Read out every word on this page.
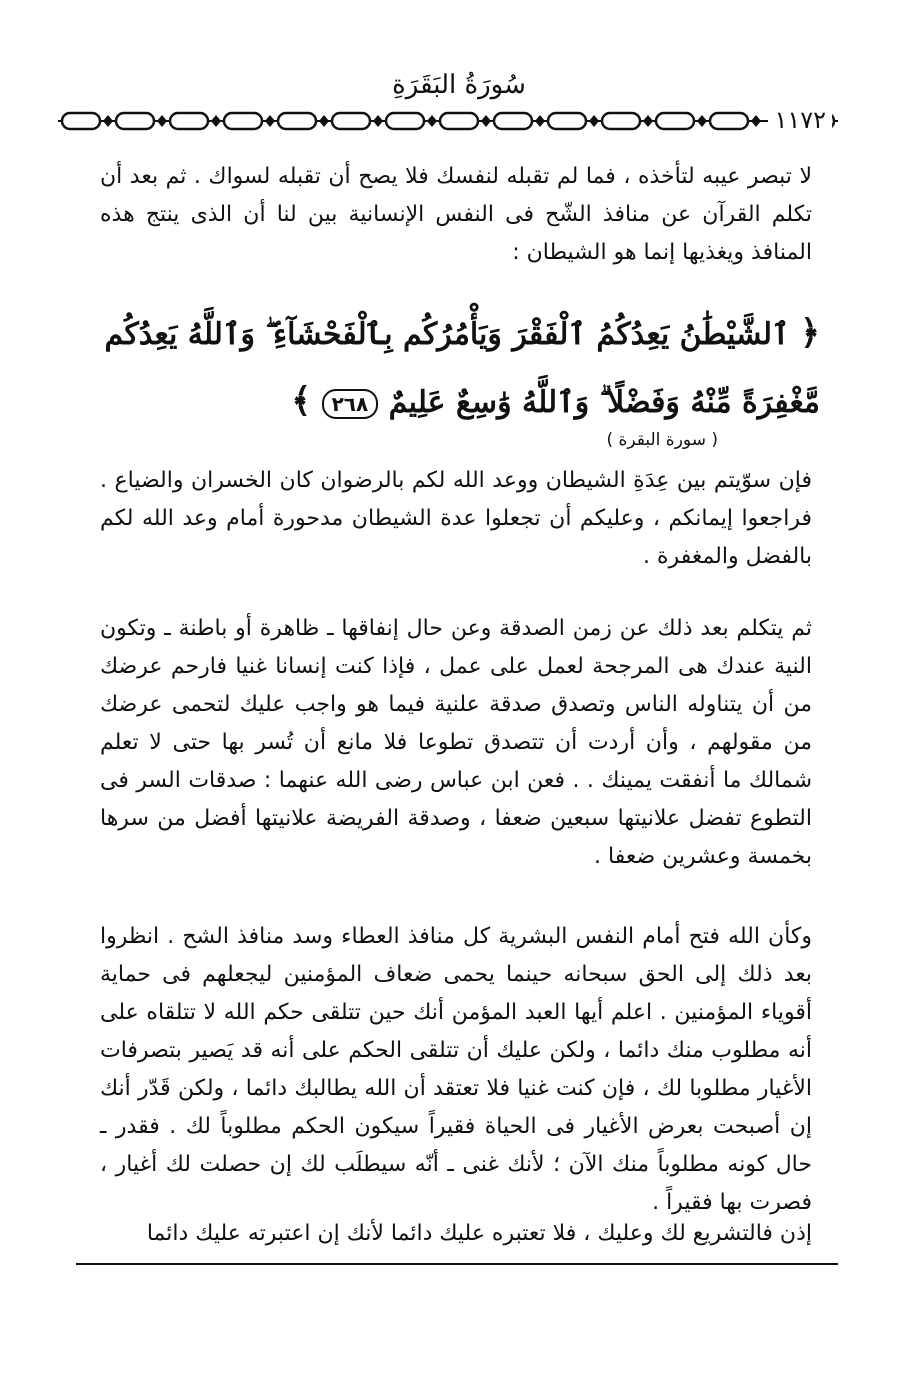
سُورَةُ البَقَرَةِ
١١٧٢

لا تبصر عيبه لتأخذه ، فما لم تقبله لنفسك فلا يصح أن تقبله لسواك . ثم بعد أن تكلم القرآن عن منافذ الشّح فى النفس الإنسانية بين لنا أن الذى ينتج هذه المنافذ ويغذيها إنما هو الشيطان :

﴿ ٱلشَّيْطَٰنُ يَعِدُكُمُ ٱلْفَقْرَ وَيَأْمُرُكُم بِٱلْفَحْشَآءِ ۖ وَٱللَّهُ يَعِدُكُم مَّغْفِرَةً مِّنْهُ وَفَضْلًا ۗ وَٱللَّهُ وَٰسِعٌ عَلِيمٌ ٢٦٨ ﴾
( سورة البقرة )

فإن سوّيتم بين عِدَةِ الشيطان ووعد الله لكم بالرضوان كان الخسران والضياع . فراجعوا إيمانكم ، وعليكم أن تجعلوا عدة الشيطان مدحورة أمام وعد الله لكم بالفضل والمغفرة .

ثم يتكلم بعد ذلك عن زمن الصدقة وعن حال إنفاقها ـ ظاهرة أو باطنة ـ وتكون النية عندك هى المرجحة لعمل على عمل ، فإذا كنت إنسانا غنيا فارحم عرضك من أن يتناوله الناس وتصدق صدقة علنية فيما هو واجب عليك لتحمى عرضك من مقولهم ، وأن أردت أن تتصدق تطوعا فلا مانع أن تُسر بها حتى لا تعلم شمالك ما أنفقت يمينك . . فعن ابن عباس رضى الله عنهما : صدقات السر فى التطوع تفضل علانيتها سبعين ضعفا ، وصدقة الفريضة علانيتها أفضل من سرها بخمسة وعشرين ضعفا .

وكأن الله فتح أمام النفس البشرية كل منافذ العطاء وسد منافذ الشح . انظروا بعد ذلك إلى الحق سبحانه حينما يحمى ضعاف المؤمنين ليجعلهم فى حماية أقوياء المؤمنين . اعلم أيها العبد المؤمن أنك حين تتلقى حكم الله لا تتلقاه على أنه مطلوب منك دائما ، ولكن عليك أن تتلقى الحكم على أنه قد يَصير بتصرفات الأغيار مطلوبا لك ، فإن كنت غنيا فلا تعتقد أن الله يطالبك دائما ، ولكن قَدّر أنك إن أصبحت بعرض الأغيار فى الحياة فقيراً سيكون الحكم مطلوباً لك . فقدر ـ حال كونه مطلوباً منك الآن ؛ لأنك غنى ـ أنّه سيطلَب لك إن حصلت لك أغيار ، فصرت بها فقيراً .

إذن فالتشريع لك وعليك ، فلا تعتبره عليك دائما لأنك إن اعتبرته عليك دائما
